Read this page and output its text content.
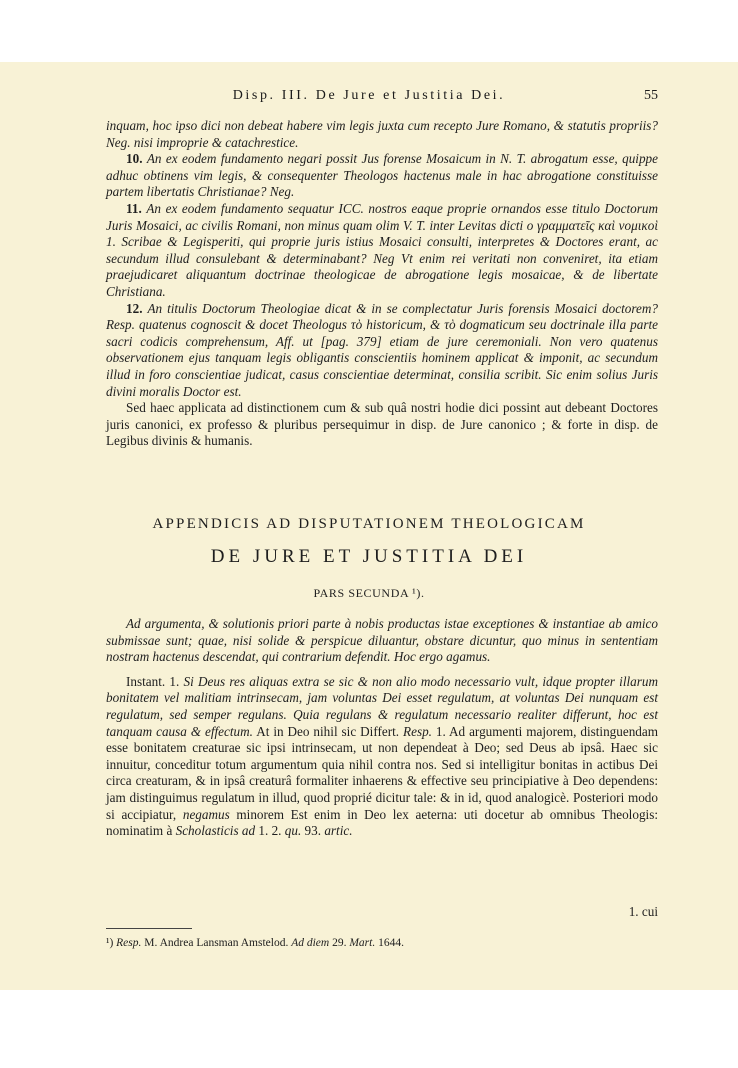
Disp. III. De Jure et Justitia Dei.	55

inquam, hoc ipso dici non debeat habere vim legis juxta cum recepto Jure Romano, & statutis propriis? Neg. nisi improprie & catachrestice.

10. An ex eodem fundamento negari possit Jus forense Mosaicum in N. T. abrogatum esse, quippe adhuc obtinens vim legis, & consequenter Theologos hactenus male in hac abrogatione constituisse partem libertatis Christianae? Neg.

11. An ex eodem fundamento sequatur ICC. nostros eaque proprie ornandos esse titulo Doctorum Juris Mosaici, ac civilis Romani, non minus quam olim V. T. inter Levitas dicti ο γραμματεῖς καὶ νομικοὶ 1. Scribae & Legisperiti, qui proprie juris istius Mosaici consulti, interpretes & Doctores erant, ac secundum illud consulebant & determinabant? Neg Vt enim rei veritati non conveniret, ita etiam praejudicaret aliquantum doctrinae theologicae de abrogatione legis mosaicae, & de libertate Christiana.

12. An titulis Doctorum Theologiae dicat & in se complectatur Juris forensis Mosaici doctorem? Resp. quatenus cognoscit & docet Theologus τὸ historicum, & τὸ dogmaticum seu doctrinale illa parte sacri codicis comprehensum, Aff. ut [pag. 379] etiam de jure ceremoniali. Non vero quatenus observationem ejus tanquam legis obligantis conscientiis hominem applicat & imponit, ac secundum illud in foro conscientiae judicat, casus conscientiae determinat, consilia scribit. Sic enim solius Juris divini moralis Doctor est.

Sed haec applicata ad distinctionem cum & sub quâ nostri hodie dici possint aut debeant Doctores juris canonici, ex professo & pluribus persequimur in disp. de Jure canonico ; & forte in disp. de Legibus divinis & humanis.

APPENDICIS AD DISPUTATIONEM THEOLOGICAM
DE JURE ET JUSTITIA DEI
PARS SECUNDA ¹).

Ad argumenta, & solutionis priori parte à nobis productas istae exceptiones & instantiae ab amico submissae sunt; quae, nisi solide & perspicue diluantur, obstare dicuntur, quo minus in sententiam nostram hactenus descendat, qui contrarium defendit. Hoc ergo agamus.

Instant. 1. Si Deus res aliquas extra se sic & non alio modo necessario vult, idque propter illarum bonitatem vel malitiam intrinsecam, jam voluntas Dei esset regulatum, at voluntas Dei nunquam est regulatum, sed semper regulans. Quia regulans & regulatum necessario realiter differunt, hoc est tanquam causa & effectum. At in Deo nihil sic Differt. Resp. 1. Ad argumenti majorem, distinguendam esse bonitatem creaturae sic ipsi intrinsecam, ut non dependeat à Deo; sed Deus ab ipsâ. Haec sic innuitur, conceditur totum argumentum quia nihil contra nos. Sed si intelligitur bonitas in actibus Dei circa creaturam, & in ipsâ creaturâ formaliter inhaerens & effective seu principiative à Deo dependens: jam distinguimus regulatum in illud, quod proprié dicitur tale: & in id, quod analogicè. Posteriori modo si accipiatur, negamus minorem Est enim in Deo lex aeterna: uti docetur ab omnibus Theologis: nominatim à Scholasticis ad 1. 2. qu. 93. artic.

1. cui
¹) Resp. M. Andrea Lansman Amstelod. Ad diem 29. Mart. 1644.
